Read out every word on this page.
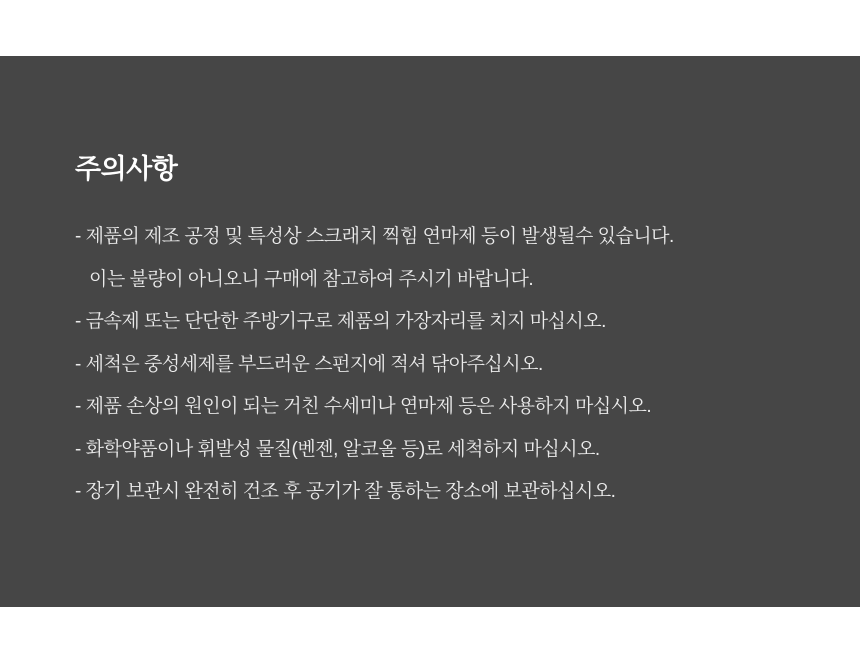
주의사항
- 제품의 제조 공정 및 특성상 스크래치 찍힘 연마제 등이 발생될수 있습니다.
이는 불량이 아니오니 구매에 참고하여 주시기 바랍니다.
- 금속제 또는 단단한 주방기구로 제품의 가장자리를 치지 마십시오.
- 세척은 중성세제를 부드러운 스펀지에 적셔 닦아주십시오.
- 제품 손상의 원인이 되는 거친 수세미나 연마제 등은 사용하지 마십시오.
- 화학약품이나 휘발성 물질(벤젠, 알코올 등)로 세척하지 마십시오.
- 장기 보관시 완전히 건조 후 공기가 잘 통하는 장소에 보관하십시오.
